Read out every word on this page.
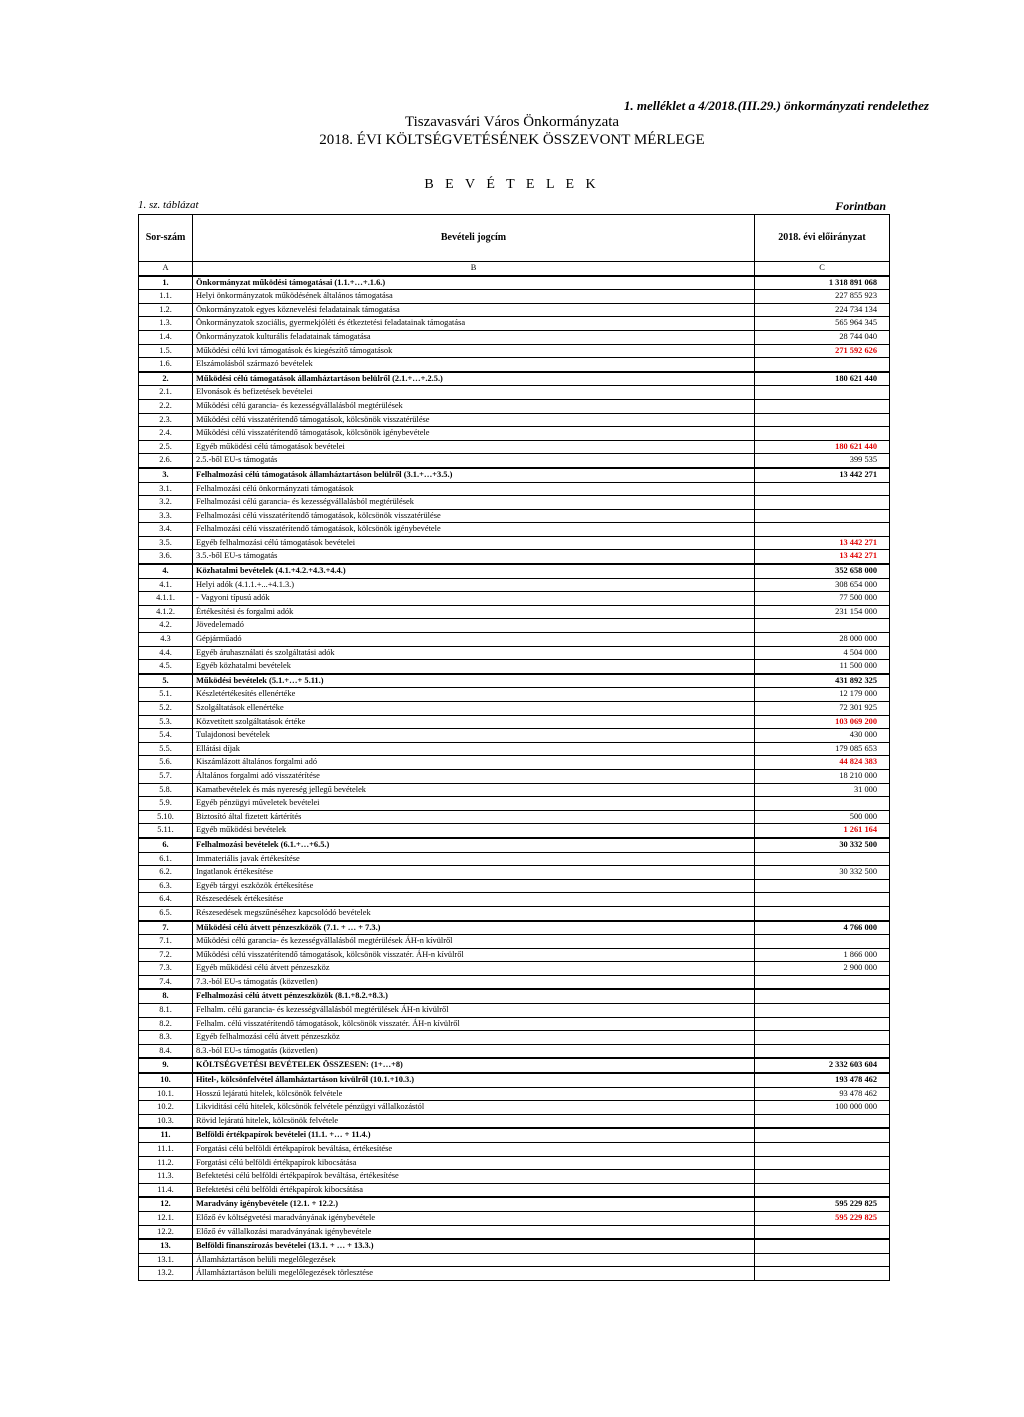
1. melléklet a 4/2018.(III.29.) önkormányzati rendelethez
Tiszavasvári Város Önkormányzata
2018. ÉVI KÖLTSÉGVETÉSÉNEK ÖSSZEVONT MÉRLEGE
B E V É T E L E K
1. sz. táblázat	Forintban
Sor-szám	Bevételi jogcím	2018. évi előirányzat
A	B	C
1.	Önkormányzat működési támogatásai (1.1.+…+.1.6.)	1 318 891 068
1.1.	Helyi önkormányzatok működésének általános támogatása	227 855 923
1.2.	Önkormányzatok egyes köznevelési feladatainak támogatása	224 734 134
1.3.	Önkormányzatok szociális, gyermekjóléti és étkeztetési feladatainak támogatása	565 964 345
1.4.	Önkormányzatok kulturális feladatainak támogatása	28 744 040
1.5.	Működési célú kvi támogatások és kiegészítő támogatások	271 592 626
1.6.	Elszámolásból származó bevételek	
2.	Működési célú támogatások államháztartáson belülről (2.1.+…+.2.5.)	180 621 440
2.1.	Elvonások és befizetések bevételei	
2.2.	Működési célú garancia- és kezességvállalásból megtérülések	
2.3.	Működési célú visszatérítendő támogatások, kölcsönök visszatérülése	
2.4.	Működési célú visszatérítendő támogatások, kölcsönök igénybevétele	
2.5.	Egyéb működési célú támogatások bevételei	180 621 440
2.6.	2.5.-ből EU-s támogatás	399 535
3.	Felhalmozási célú támogatások államháztartáson belülről (3.1.+…+3.5.)	13 442 271
3.1.	Felhalmozási célú önkormányzati támogatások	
3.2.	Felhalmozási célú garancia- és kezességvállalásból megtérülések	
3.3.	Felhalmozási célú visszatérítendő támogatások, kölcsönök visszatérülése	
3.4.	Felhalmozási célú visszatérítendő támogatások, kölcsönök igénybevétele	
3.5.	Egyéb felhalmozási célú támogatások bevételei	13 442 271
3.6.	3.5.-ből EU-s támogatás	13 442 271
4.	Közhatalmi bevételek (4.1.+4.2.+4.3.+4.4.)	352 658 000
4.1.	Helyi adók (4.1.1.+...+4.1.3.)	308 654 000
4.1.1.	- Vagyoni típusú adók	77 500 000
4.1.2.	Értékesítési és forgalmi adók	231 154 000
4.2.	Jövedelemadó	
4.3	Gépjárműadó	28 000 000
4.4.	Egyéb áruhasználati és szolgáltatási adók	4 504 000
4.5.	Egyéb közhatalmi bevételek	11 500 000
5.	Működési bevételek (5.1.+…+ 5.11.)	431 892 325
5.1.	Készletértékesítés ellenértéke	12 179 000
5.2.	Szolgáltatások ellenértéke	72 301 925
5.3.	Közvetített szolgáltatások értéke	103 069 200
5.4.	Tulajdonosi bevételek	430 000
5.5.	Ellátási díjak	179 085 653
5.6.	Kiszámlázott általános forgalmi adó	44 824 383
5.7.	Általános forgalmi adó visszatérítése	18 210 000
5.8.	Kamatbevételek és más nyereség jellegű bevételek	31 000
5.9.	Egyéb pénzügyi műveletek bevételei	
5.10.	Biztosító által fizetett kártérítés	500 000
5.11.	Egyéb működési bevételek	1 261 164
6.	Felhalmozási bevételek (6.1.+…+6.5.)	30 332 500
6.1.	Immateriális javak értékesítése	
6.2.	Ingatlanok értékesítése	30 332 500
6.3.	Egyéb tárgyi eszközök értékesítése	
6.4.	Részesedések értékesítése	
6.5.	Részesedések megszűnéséhez kapcsolódó bevételek	
7.	Működési célú átvett pénzeszközök (7.1. + … + 7.3.)	4 766 000
7.1.	Működési célú garancia- és kezességvállalásból megtérülések ÁH-n kívülről	
7.2.	Működési célú visszatérítendő támogatások, kölcsönök visszatér. ÁH-n kívülről	1 866 000
7.3.	Egyéb működési célú átvett pénzeszköz	2 900 000
7.4.	7.3.-ból EU-s támogatás (közvetlen)	
8.	Felhalmozási célú átvett pénzeszközök (8.1.+8.2.+8.3.)	
8.1.	Felhalm. célú garancia- és kezességvállalásból megtérülések ÁH-n kívülről	
8.2.	Felhalm. célú visszatérítendő támogatások, kölcsönök visszatér. ÁH-n kívülről	
8.3.	Egyéb felhalmozási célú átvett pénzeszköz	
8.4.	8.3.-ból EU-s támogatás (közvetlen)	
9.	KÖLTSÉGVETÉSI BEVÉTELEK ÖSSZESEN: (1+…+8)	2 332 603 604
10.	Hitel-, kölcsönfelvétel államháztartáson kívülről (10.1.+10.3.)	193 478 462
10.1.	Hosszú lejáratú hitelek, kölcsönök felvétele	93 478 462
10.2.	Likviditási célú hitelek, kölcsönök felvétele pénzügyi vállalkozástól	100 000 000
10.3.	Rövid lejáratú hitelek, kölcsönök felvétele	
11.	Belföldi értékpapírok bevételei (11.1. +… + 11.4.)	
11.1.	Forgatási célú belföldi értékpapírok beváltása, értékesítése	
11.2.	Forgatási célú belföldi értékpapírok kibocsátása	
11.3.	Befektetési célú belföldi értékpapírok beváltása, értékesítése	
11.4.	Befektetési célú belföldi értékpapírok kibocsátása	
12.	Maradvány igénybevétele (12.1. + 12.2.)	595 229 825
12.1.	Előző év költségvetési maradványának igénybevétele	595 229 825
12.2.	Előző év vállalkozási maradványának igénybevétele	
13.	Belföldi finanszírozás bevételei (13.1. + … + 13.3.)	
13.1.	Államháztartáson belüli megelőlegezések	
13.2.	Államháztartáson belüli megelőlegezések törlesztése	
